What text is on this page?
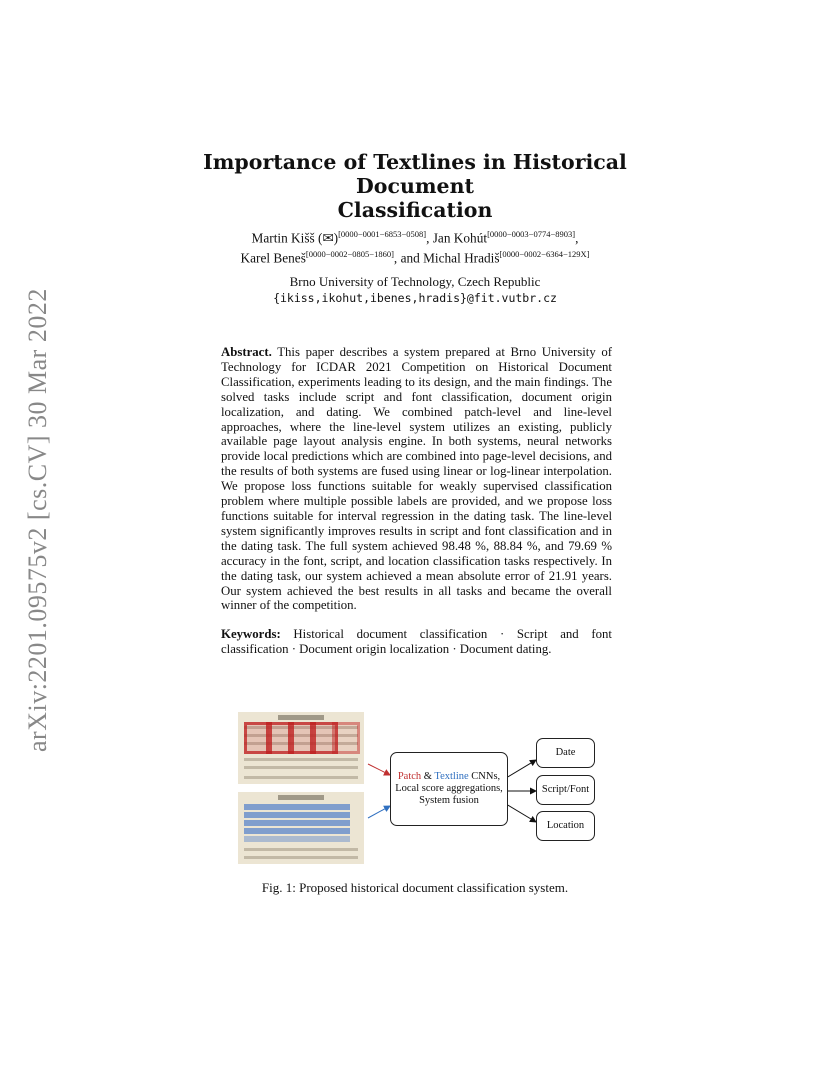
arXiv:2201.09575v2 [cs.CV] 30 Mar 2022
Importance of Textlines in Historical Document
Classification
Martin Kišš (✉)[0000−0001−6853−0508], Jan Kohút[0000−0003−0774−8903],
Karel Beneš[0000−0002−0805−1860], and Michal Hradiš[0000−0002−6364−129X]
Brno University of Technology, Czech Republic
{ikiss,ikohut,ibenes,hradis}@fit.vutbr.cz
Abstract. This paper describes a system prepared at Brno University of Technology for ICDAR 2021 Competition on Historical Document Classification, experiments leading to its design, and the main findings. The solved tasks include script and font classification, document origin localization, and dating. We combined patch-level and line-level approaches, where the line-level system utilizes an existing, publicly available page layout analysis engine. In both systems, neural networks provide local predictions which are combined into page-level decisions, and the results of both systems are fused using linear or log-linear interpolation. We propose loss functions suitable for weakly supervised classification problem where multiple possible labels are provided, and we propose loss functions suitable for interval regression in the dating task. The line-level system significantly improves results in script and font classification and in the dating task. The full system achieved 98.48 %, 88.84 %, and 79.69 % accuracy in the font, script, and location classification tasks respectively. In the dating task, our system achieved a mean absolute error of 21.91 years. Our system achieved the best results in all tasks and became the overall winner of the competition.
Keywords: Historical document classification · Script and font classification · Document origin localization · Document dating.
Patch & Textline CNNs,
Local score aggregations,
System fusion
Date
Script/Font
Location
Fig. 1: Proposed historical document classification system.
